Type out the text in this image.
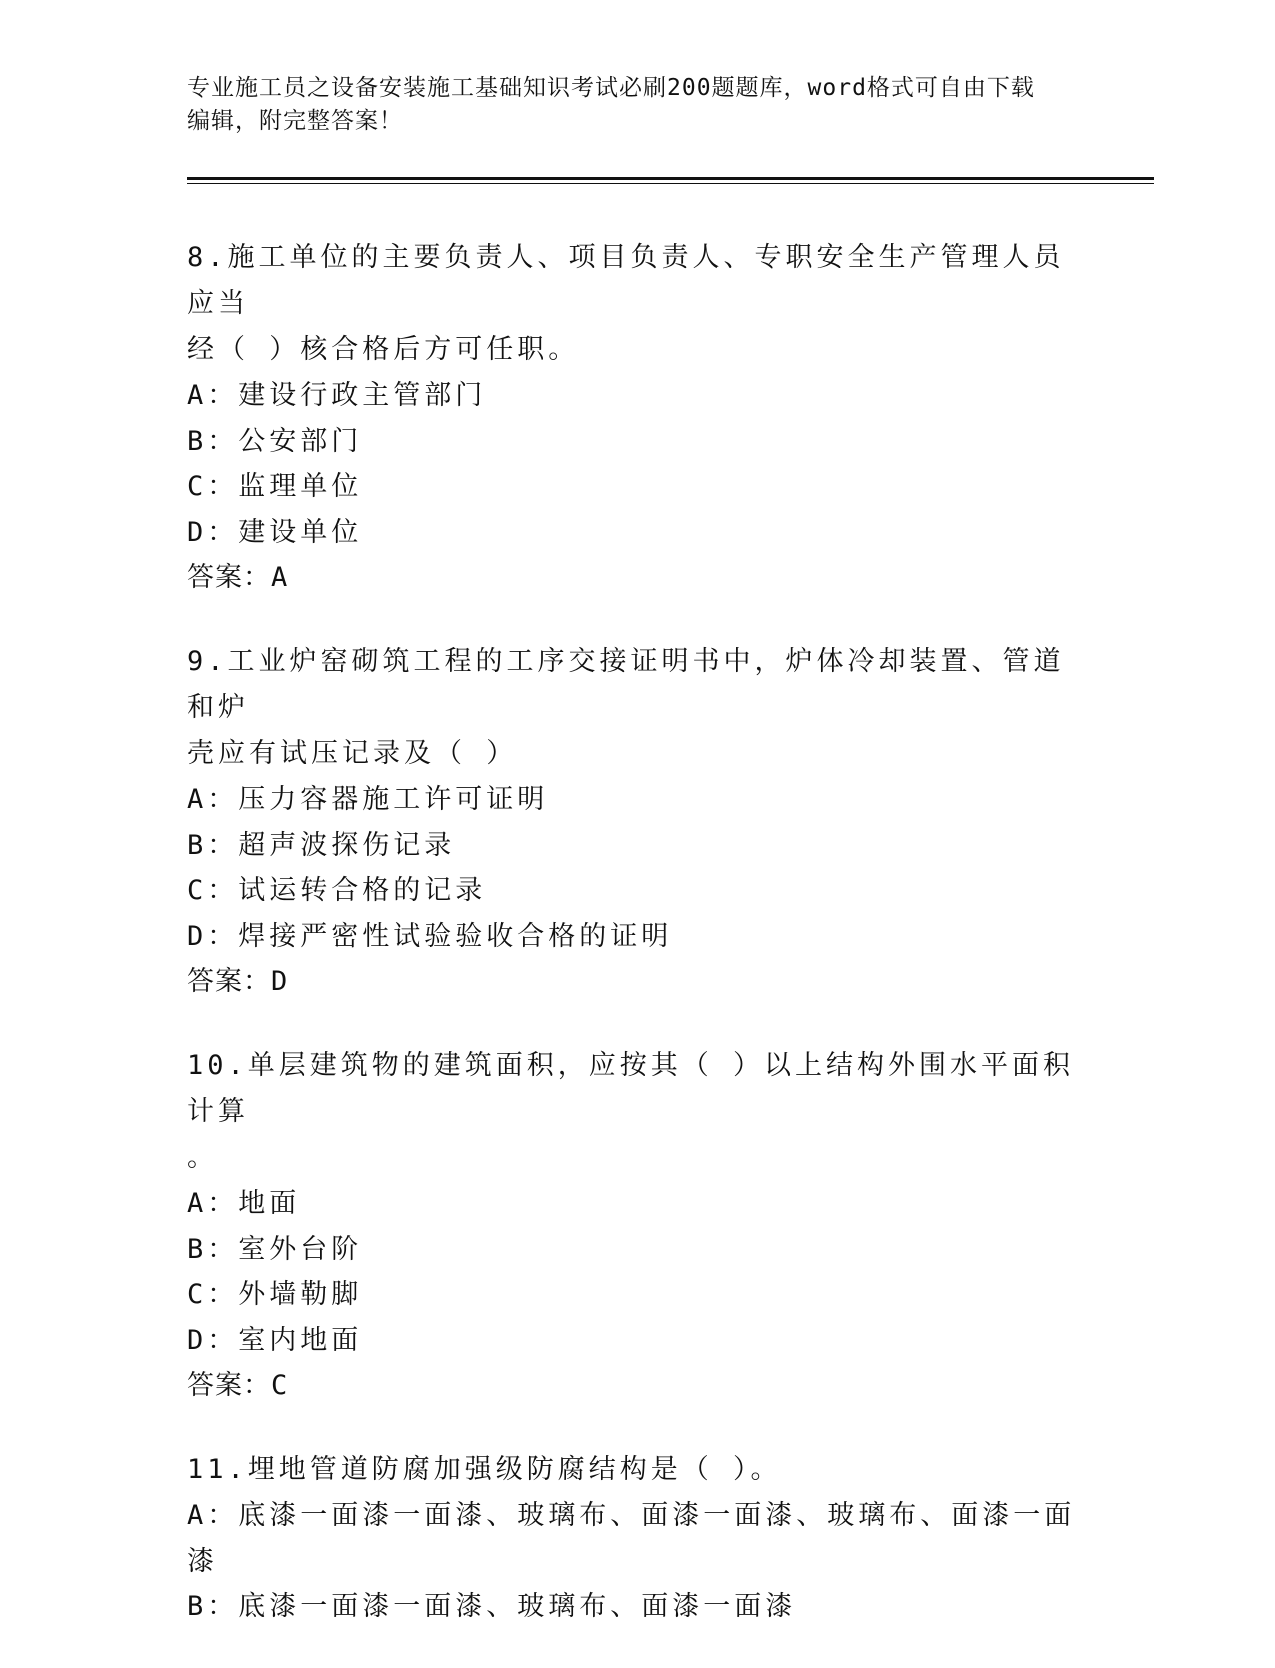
专业施工员之设备安装施工基础知识考试必刷200题题库，word格式可自由下载
编辑，附完整答案！
8.施工单位的主要负责人、项目负责人、专职安全生产管理人员应当
经（ ）核合格后方可任职。
A：建设行政主管部门
B：公安部门
C：监理单位
D：建设单位
答案：A
9.工业炉窑砌筑工程的工序交接证明书中，炉体冷却装置、管道和炉
壳应有试压记录及（ ）
A：压力容器施工许可证明
B：超声波探伤记录
C：试运转合格的记录
D：焊接严密性试验验收合格的证明
答案：D
10.单层建筑物的建筑面积，应按其（ ）以上结构外围水平面积计算
。
A：地面
B：室外台阶
C：外墙勒脚
D：室内地面
答案：C
11.埋地管道防腐加强级防腐结构是（ ）。
A：底漆一面漆一面漆、玻璃布、面漆一面漆、玻璃布、面漆一面漆
B：底漆一面漆一面漆、玻璃布、面漆一面漆
